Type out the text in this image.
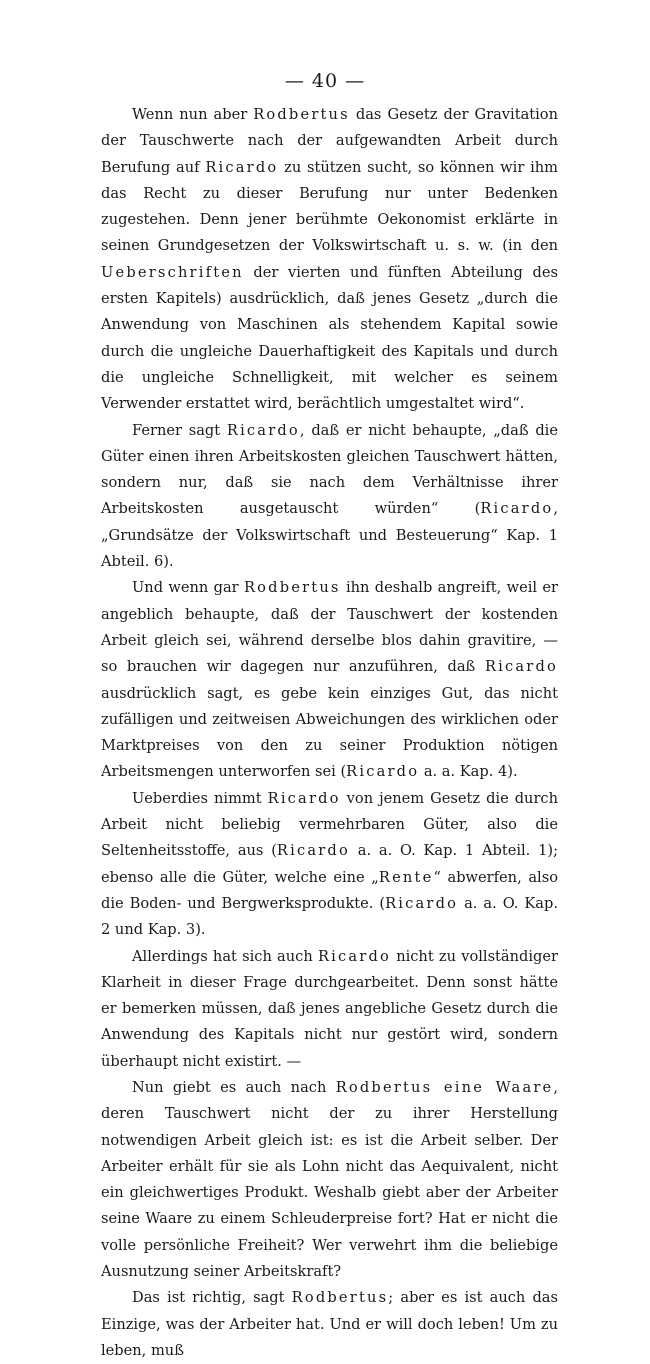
— 40 —

Wenn nun aber Rodbertus das Gesetz der Gravitation der Tauschwerte nach der aufgewandten Arbeit durch Berufung auf Ricardo zu stützen sucht, so können wir ihm das Recht zu dieser Berufung nur unter Bedenken zugestehen. Denn jener berühmte Oekonomist erklärte in seinen Grundgesetzen der Volkswirtschaft u. s. w. (in den Ueberschriften der vierten und fünften Abteilung des ersten Kapitels) ausdrücklich, daß jenes Gesetz „durch die Anwendung von Maschinen als stehendem Kapital sowie durch die ungleiche Dauerhaftigkeit des Kapitals und durch die ungleiche Schnelligkeit, mit welcher es seinem Verwender erstattet wird, berächtlich umgestaltet wird“.

Ferner sagt Ricardo, daß er nicht behaupte, „daß die Güter einen ihren Arbeitskosten gleichen Tauschwert hätten, sondern nur, daß sie nach dem Verhältnisse ihrer Arbeitskosten ausgetauscht würden“ (Ricardo, „Grundsätze der Volkswirtschaft und Besteuerung“ Kap. 1 Abteil. 6).

Und wenn gar Rodbertus ihn deshalb angreift, weil er angeblich behaupte, daß der Tauschwert der kostenden Arbeit gleich sei, während derselbe blos dahin gravitire, — so brauchen wir dagegen nur anzuführen, daß Ricardo ausdrücklich sagt, es gebe kein einziges Gut, das nicht zufälligen und zeitweisen Abweichungen des wirklichen oder Marktpreises von den zu seiner Produktion nötigen Arbeitsmengen unterworfen sei (Ricardo a. a. Kap. 4).

Ueberdies nimmt Ricardo von jenem Gesetz die durch Arbeit nicht beliebig vermehrbaren Güter, also die Seltenheitsstoffe, aus (Ricardo a. a. O. Kap. 1 Abteil. 1); ebenso alle die Güter, welche eine „Rente“ abwerfen, also die Boden- und Bergwerksprodukte. (Ricardo a. a. O. Kap. 2 und Kap. 3).

Allerdings hat sich auch Ricardo nicht zu vollständiger Klarheit in dieser Frage durchgearbeitet. Denn sonst hätte er bemerken müssen, daß jenes angebliche Gesetz durch die Anwendung des Kapitals nicht nur gestört wird, sondern überhaupt nicht existirt. —

Nun giebt es auch nach Rodbertus eine Waare, deren Tauschwert nicht der zu ihrer Herstellung notwendigen Arbeit gleich ist: es ist die Arbeit selber. Der Arbeiter erhält für sie als Lohn nicht das Aequivalent, nicht ein gleichwertiges Produkt. Weshalb giebt aber der Arbeiter seine Waare zu einem Schleuderpreise fort? Hat er nicht die volle persönliche Freiheit? Wer verwehrt ihm die beliebige Ausnutzung seiner Arbeitskraft?

Das ist richtig, sagt Rodbertus; aber es ist auch das Einzige, was der Arbeiter hat. Und er will doch leben! Um zu leben, muß
